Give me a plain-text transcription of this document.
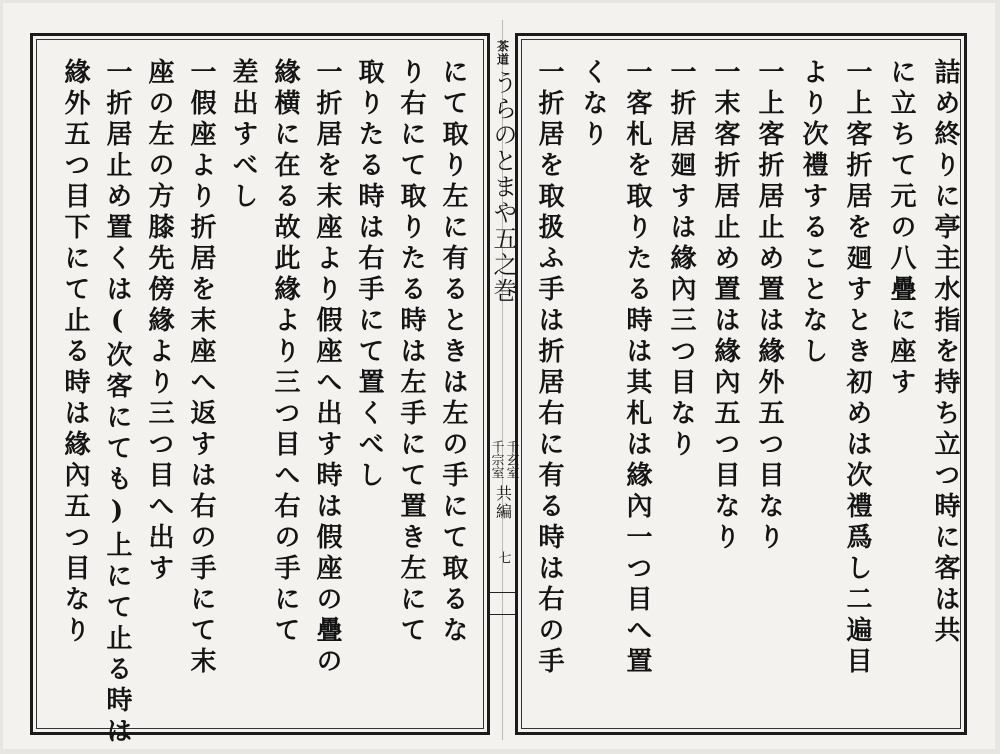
茶道
うらのとまや五之巻
千玄室
千宗室
共編
七	詰め終りに亭主水指を持ち立つ時に客は共
に立ちて元の八疊に座す
一上客折居を廻すとき初めは次禮爲し二遍目
より次禮することなし
一上客折居止め置は緣外五つ目なり
一末客折居止め置は緣內五つ目なり
一折居廻すは緣內三つ目なり
一客札を取りたる時は其札は緣內一つ目へ置
くなり
一折居を取扱ふ手は折居右に有る時は右の手
にて取り左に有るときは左の手にて取るな
り右にて取りたる時は左手にて置き左にて
取りたる時は右手にて置くべし
一折居を末座より假座へ出す時は假座の疊の
緣横に在る故此緣より三つ目へ右の手にて
差出すべし
一假座より折居を末座へ返すは右の手にて末
座の左の方膝先傍緣より三つ目へ出す
一折居止め置くは(次客にても)上にて止る時は
緣外五つ目下にて止る時は緣內五つ目なり
